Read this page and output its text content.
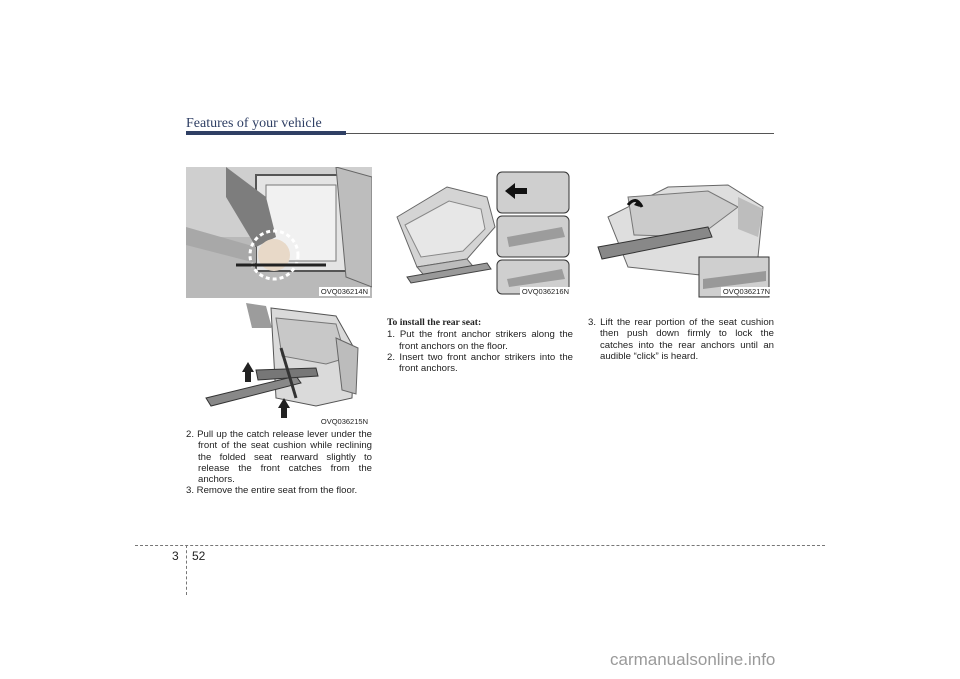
Features of your vehicle
OVQ036214N
OVQ036215N
OVQ036216N	OVQ036217N
2. Pull up the catch release lever under the front of the seat cushion while reclining the folded seat rearward slightly to release the front catches from the anchors.
3. Remove the entire seat from the floor.
To install the rear seat:
1. Put the front anchor strikers along the front anchors on the floor.
2. Insert two front anchor strikers into the front anchors.
3. Lift the rear portion of the seat cushion then push down firmly to lock the catches into the rear anchors until an audible “click” is heard.
3 52
carmanualsonline.info
